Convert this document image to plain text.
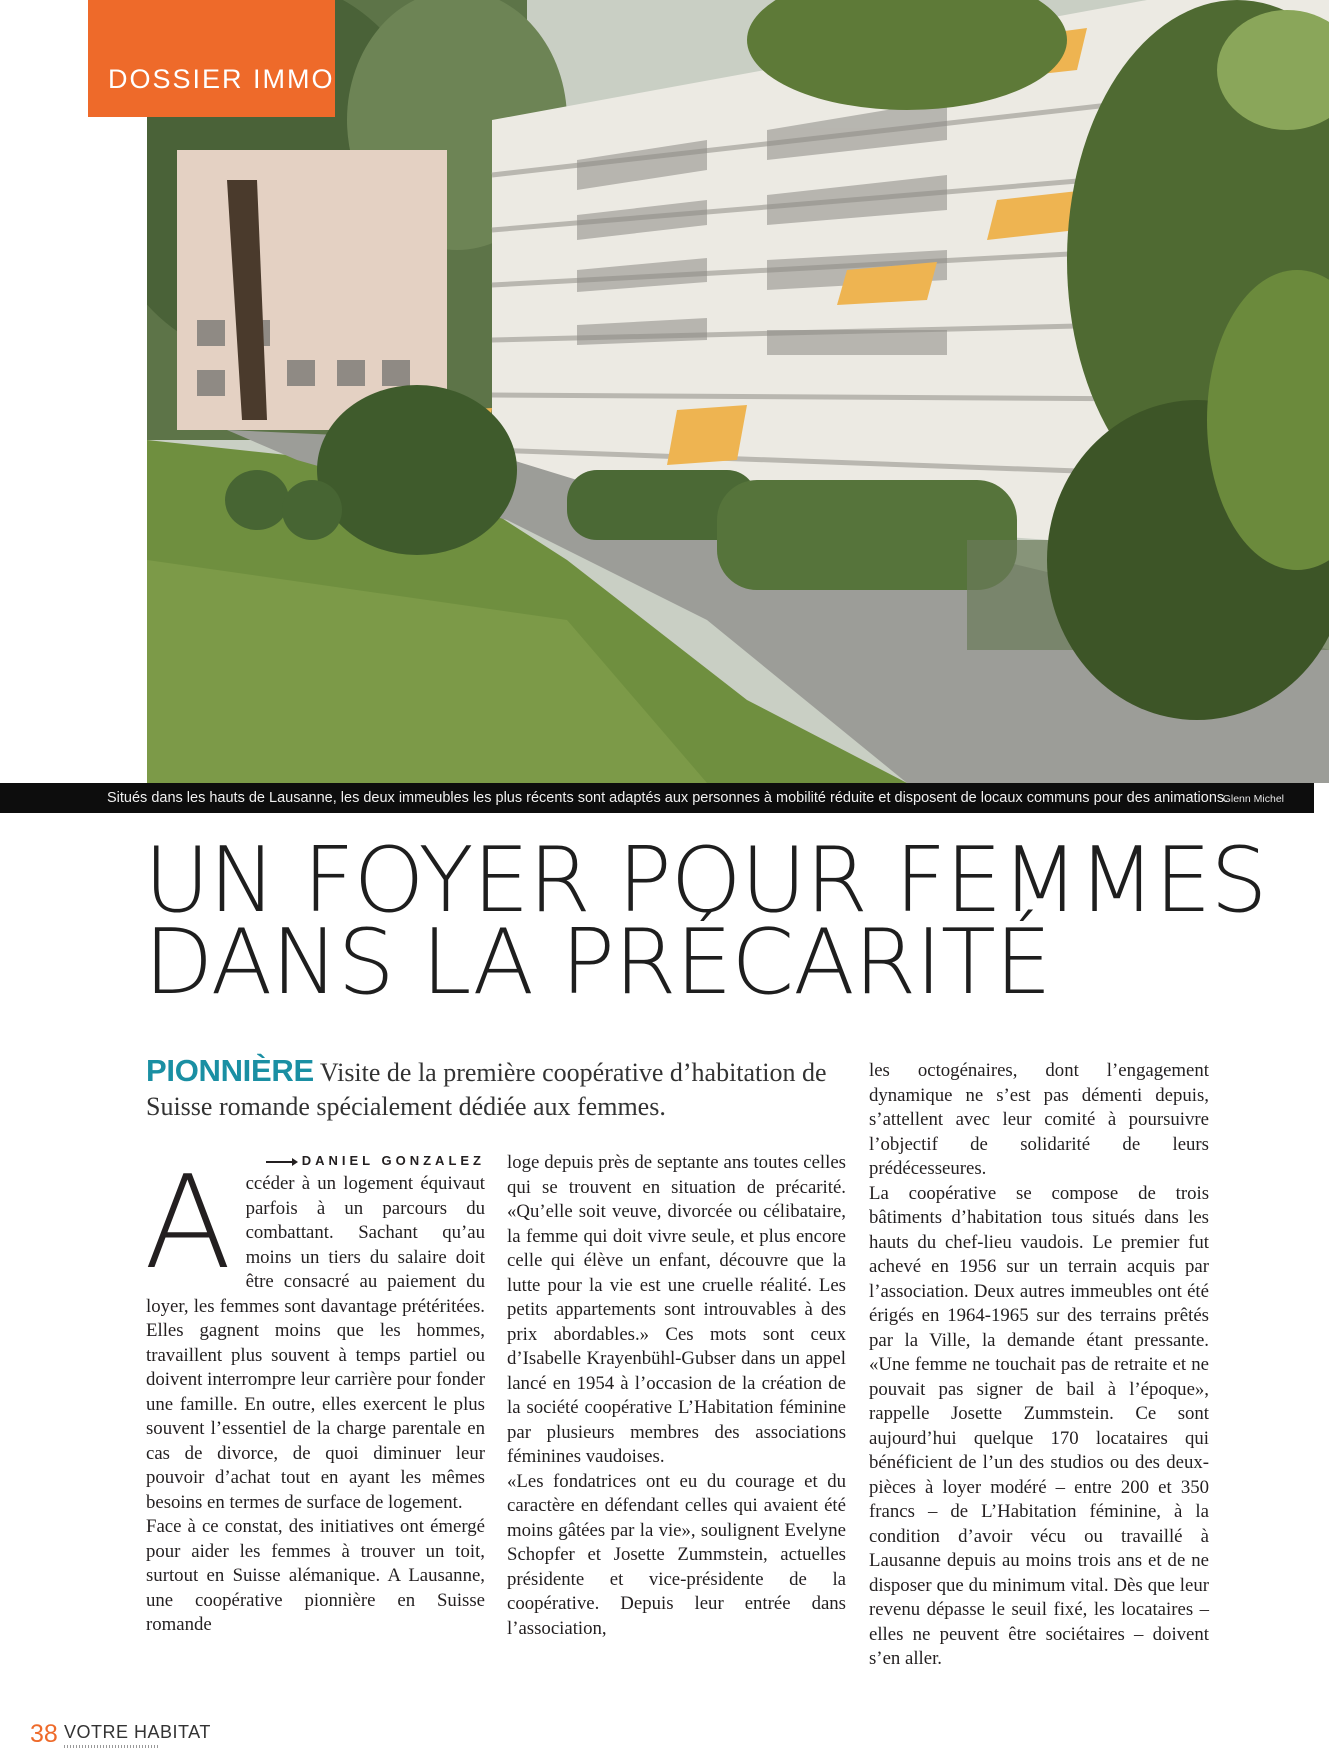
DOSSIER IMMO
Situés dans les hauts de Lausanne, les deux immeubles les plus récents sont adaptés aux personnes à mobilité réduite et disposent de locaux communs pour des animations.
Glenn Michel
UN FOYER POUR FEMMES
DANS LA PRÉCARITÉ

PIONNIÈRE Visite de la première coopérative d’habitation de Suisse romande spécialement dédiée aux femmes.

DANIEL GONZALEZ

Accéder à un logement équivaut parfois à un parcours du combattant. Sachant qu’au moins un tiers du salaire doit être consacré au paiement du loyer, les femmes sont davantage prétéritées. Elles gagnent moins que les hommes, travaillent plus souvent à temps partiel ou doivent interrompre leur carrière pour fonder une famille. En outre, elles exercent le plus souvent l’essentiel de la charge parentale en cas de divorce, de quoi diminuer leur pouvoir d’achat tout en ayant les mêmes besoins en termes de surface de logement.

Face à ce constat, des initiatives ont émergé pour aider les femmes à trouver un toit, surtout en Suisse alémanique. A Lausanne, une coopérative pionnière en Suisse romande

loge depuis près de septante ans toutes celles qui se trouvent en situation de précarité. «Qu’elle soit veuve, divorcée ou célibataire, la femme qui doit vivre seule, et plus encore celle qui élève un enfant, découvre que la lutte pour la vie est une cruelle réalité. Les petits appartements sont introuvables à des prix abordables.» Ces mots sont ceux d’Isabelle Krayenbühl-Gubser dans un appel lancé en 1954 à l’occasion de la création de la société coopérative L’Habitation féminine par plusieurs membres des associations féminines vaudoises.

«Les fondatrices ont eu du courage et du caractère en défendant celles qui avaient été moins gâtées par la vie», soulignent Evelyne Schopfer et Josette Zummstein, actuelles présidente et vice-présidente de la coopérative. Depuis leur entrée dans l’association,

les octogénaires, dont l’engagement dynamique ne s’est pas démenti depuis, s’attellent avec leur comité à poursuivre l’objectif de solidarité de leurs prédécesseures.

La coopérative se compose de trois bâtiments d’habitation tous situés dans les hauts du chef-lieu vaudois. Le premier fut achevé en 1956 sur un terrain acquis par l’association. Deux autres immeubles ont été érigés en 1964-1965 sur des terrains prêtés par la Ville, la demande étant pressante. «Une femme ne touchait pas de retraite et ne pouvait pas signer de bail à l’époque», rappelle Josette Zummstein. Ce sont aujourd’hui quelque 170 locataires qui bénéficient de l’un des studios ou des deux-pièces à loyer modéré – entre 200 et 350 francs – de L’Habitation féminine, à la condition d’avoir vécu ou travaillé à Lausanne depuis au moins trois ans et de ne disposer que du minimum vital. Dès que leur revenu dépasse le seuil fixé, les locataires – elles ne peuvent être sociétaires – doivent s’en aller.

38 VOTRE HABITAT
